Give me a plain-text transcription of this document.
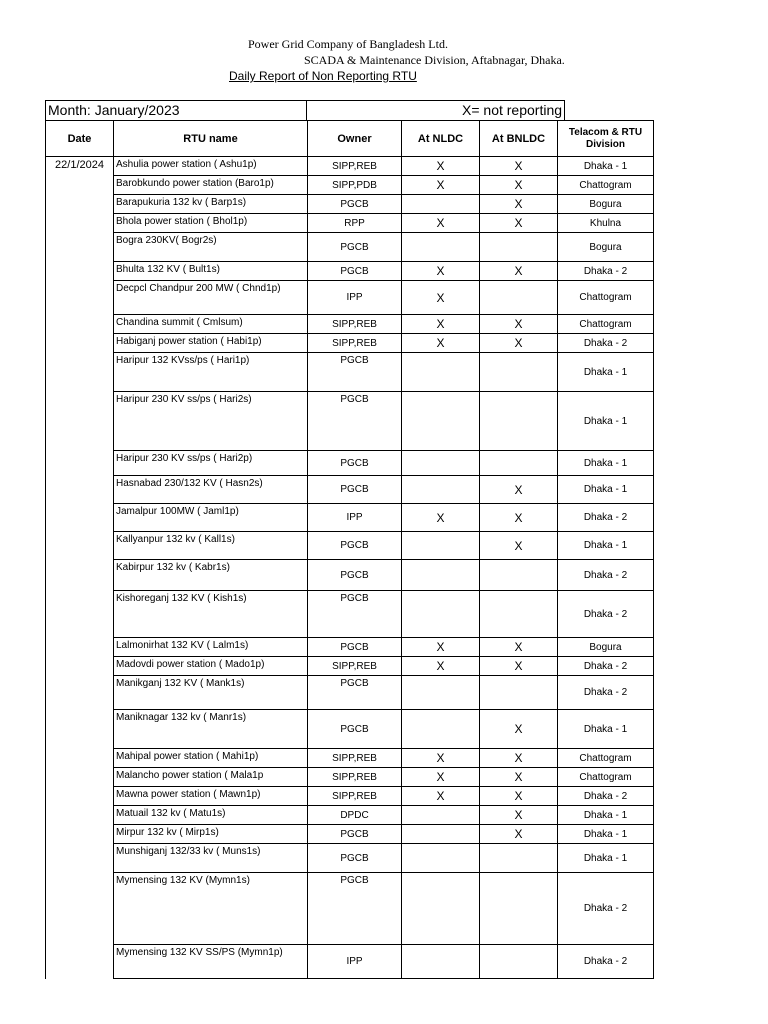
Power Grid Company of Bangladesh Ltd.
SCADA & Maintenance Division, Aftabnagar, Dhaka.
Daily Report of Non Reporting RTU
Month: January/2023	X= not reporting
Date	RTU name	Owner	At NLDC	At BNLDC	Telacom & RTU Division
22/1/2024	Ashulia power station ( Ashu1p)	SIPP,REB	X	X	Dhaka - 1
	Barobkundo power station (Baro1p)	SIPP,PDB	X	X	Chattogram
	Barapukuria 132 kv ( Barp1s)	PGCB		X	Bogura
	Bhola power station ( Bhol1p)	RPP	X	X	Khulna
	Bogra 230KV( Bogr2s)	PGCB			Bogura
	Bhulta 132 KV ( Bult1s)	PGCB	X	X	Dhaka - 2
	Decpcl Chandpur 200 MW ( Chnd1p)	IPP	X		Chattogram
	Chandina summit ( Cmlsum)	SIPP,REB	X	X	Chattogram
	Habiganj power station ( Habi1p)	SIPP,REB	X	X	Dhaka - 2
	Haripur 132 KVss/ps ( Hari1p)	PGCB			Dhaka - 1
	Haripur 230 KV ss/ps ( Hari2s)	PGCB			Dhaka - 1
	Haripur 230 KV ss/ps ( Hari2p)	PGCB			Dhaka - 1
	Hasnabad 230/132 KV ( Hasn2s)	PGCB		X	Dhaka - 1
	Jamalpur 100MW ( Jaml1p)	IPP	X	X	Dhaka - 2
	Kallyanpur 132 kv ( Kall1s)	PGCB		X	Dhaka - 1
	Kabirpur 132 kv ( Kabr1s)	PGCB			Dhaka - 2
	Kishoreganj 132 KV ( Kish1s)	PGCB			Dhaka - 2
	Lalmonirhat 132 KV ( Lalm1s)	PGCB	X	X	Bogura
	Madovdi power station ( Mado1p)	SIPP,REB	X	X	Dhaka - 2
	Manikganj 132 KV ( Mank1s)	PGCB			Dhaka - 2
	Maniknagar 132 kv ( Manr1s)	PGCB		X	Dhaka - 1
	Mahipal power station ( Mahi1p)	SIPP,REB	X	X	Chattogram
	Malancho power station ( Mala1p	SIPP,REB	X	X	Chattogram
	Mawna power station ( Mawn1p)	SIPP,REB	X	X	Dhaka - 2
	Matuail 132 kv ( Matu1s)	DPDC		X	Dhaka - 1
	Mirpur 132 kv ( Mirp1s)	PGCB		X	Dhaka - 1
	Munshiganj 132/33 kv ( Muns1s)	PGCB			Dhaka - 1
	Mymensing 132 KV (Mymn1s)	PGCB			Dhaka - 2
	Mymensing 132 KV SS/PS (Mymn1p)	IPP			Dhaka - 2
